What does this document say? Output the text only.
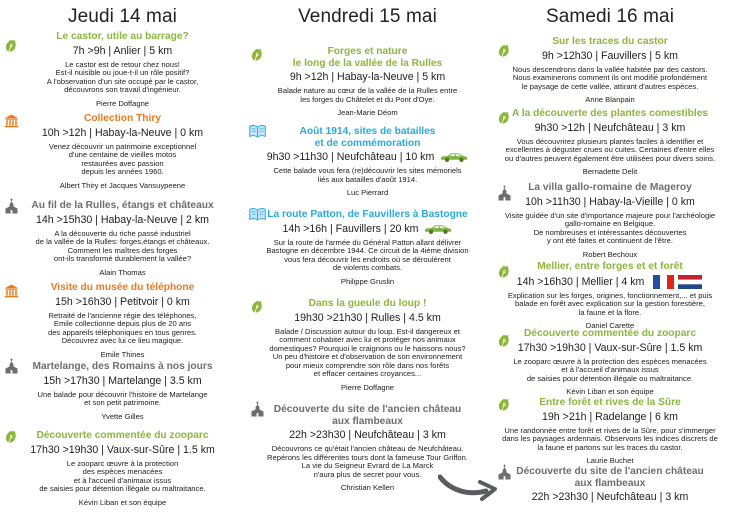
Jeudi 14 mai
Le castor, utile au barrage?
7h >9h | Anlier | 5 km
Le castor est de retour chez nous!
Est-il nuisible ou joue-t-il un rôle positif?
A l'observation d'un site occupé par le castor,
découvrons son travail d'ingénieur.
Pierre Doffagne
Collection Thiry
10h >12h | Habay-la-Neuve | 0 km
Venez découvrir un patrimoine exceptionnel
d'une centaine de vieilles motos
restaurées avec passion
depuis les années 1960.
Albert Thiry et Jacques Vansuypeene
Au fil de la Rulles, étangs et châteaux
14h >15h30 | Habay-la-Neuve | 2 km
A la découverte du riche passé industriel
de la vallée de la Rulles: forges,étangs et châteaux.
Comment les maîtres des forges
ont-ils transformé durablement la vallée?
Alain Thomas
Visite du musée du téléphone
15h >16h30 | Petitvoir | 0 km
Retraité de l'ancienne régie des téléphones,
Emile collectionne depuis plus de 20 ans
des appareils téléphoniques en tous genres.
Découvrez avec lui ce lieu magique.
Emile Thines
Martelange, des Romains à nos jours
15h >17h30 | Martelange | 3.5 km
Une balade pour découvrir l'histoire de Martelange
et son petit patrimoine.
Yvette Gilles
Découverte commentée du zooparc
17h30 >19h30 | Vaux-sur-Sûre | 1.5 km
Le zooparc œuvre à la protection
des espèces menacées
et à l'accueil d'animaux issus
de saisies pour détention illégale ou maltraitance.
Kévin Liban et son équipe
Vendredi 15 mai
Forges et nature
le long de la vallée de la Rulles
9h >12h | Habay-la-Neuve | 5 km
Balade nature au cœur de la vallée de la Rulles entre
les forges du Châtelet et du Pont d'Oye.
Jean-Marie Déom
Août 1914, sites de batailles
et de commémoration
9h30 >11h30 | Neufchâteau | 10 km
Cette balade vous fera (re)découvrir les sites mémoriels
liés aux batailles d'août 1914.
Luc Pierrard
La route Patton, de Fauvillers à Bastogne
14h >16h | Fauvillers | 20 km
Sur la route de l'armée du Général Patton allant délivrer
Bastogne en décembre 1944. Ce circuit de la 4ième division
vous fera découvrir les endroits où se déroulèrent
de violents combats.
Philippe Gruslin
Dans la gueule du loup !
19h30 >21h30 | Rulles | 4.5 km
Balade / Discussion autour du loup. Est-il dangereux et
comment cohabiter avec lui et protéger nos animaux
domestiques? Pourquoi le craignons ou le haissons nous?
Un peu d'histoire et d'observation de son environnement
pour mieux comprendre son rôle dans nos forêts
et effacer certaines croyances...
Pierre Doffagne
Découverte du site de l'ancien château
aux flambeaux
22h >23h30 | Neufchâteau | 3 km
Découvrons ce qu'était l'ancien château de Neufchâteau.
Repérons les différentes tours dont la fameuse Tour Griffon.
La vie du Seigneur Evrard de La Marck
n'aura plus de secret pour vous.
Christian Kellen
Samedi 16 mai
Sur les traces du castor
9h >12h30 | Fauvillers | 5 km
Nous descendrons dans la vallée habitée par des castors.
Nous examinerons comment ils ont modifié profondément
le paysage de cette vallée, attirant d'autres espèces.
Anne Blanpain
A la découverte des plantes comestibles
9h30 >12h | Neufchâteau | 3 km
Vous découvrirez plusieurs plantes faciles à identifier et
excellentes à déguster crues ou cuites. Certaines d'entre elles
ou d'autres peuvent également être utilisées pour divers soins.
Bernadette Delit
La villa gallo-romaine de Mageroy
10h >11h30 | Habay-la-Vieille | 0 km
Visite guidée d'un site d'importance majeure pour l'archéologie
gallo-romaine en Belgique.
De nombreuses et intéressantes découvertes
y ont été faites et continuent de l'être.
Robert Bechoux
Mellier, entre forges et et forêt
14h >16h30 | Mellier | 4 km
Explication sur les forges, origines, fonctionnement,... et puis
balade en forêt avec explication sur la gestion forestière,
la faune et la flore.
Daniel Carette
Découverte commentée du zooparc
17h30 >19h30 | Vaux-sur-Sûre | 1.5 km
Le zooparc œuvre à la protection des espèces menacées
et à l'accueil d'animaux issus
de saisies pour détention illégale ou maltraitance.
Kévin Liban et son équipe
Entre forêt et rives de la Sûre
19h >21h | Radelange | 6 km
Une randonnée entre forêt et rives de la Sûre, pour s'immerger
dans les paysages ardennais. Observons les indices discrets de
la faune et partons sur les traces du castor.
Laurie Buchet
Découverte du site de l'ancien château
aux flambeaux
22h >23h30 | Neufchâteau | 3 km
